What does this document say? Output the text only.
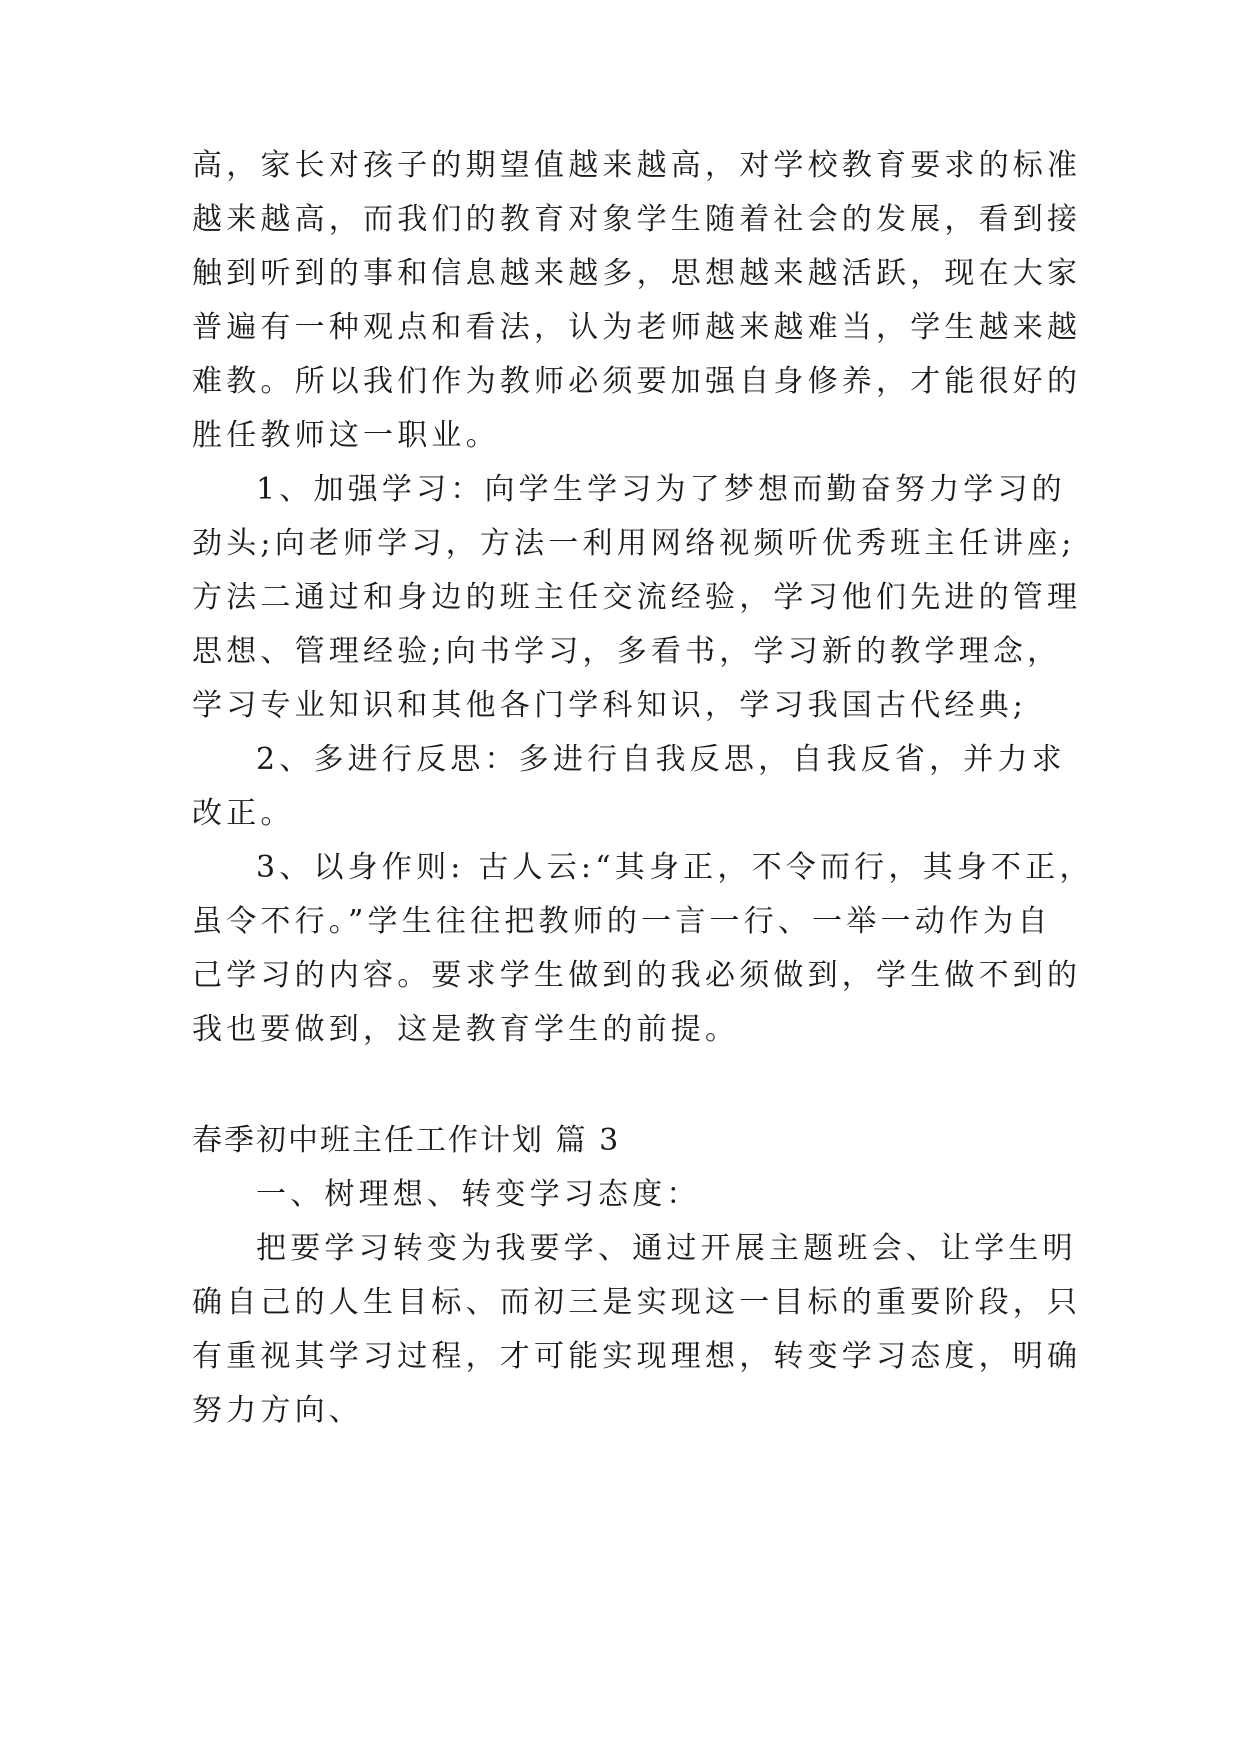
高，家长对孩子的期望值越来越高，对学校教育要求的标准
越来越高，而我们的教育对象学生随着社会的发展，看到接
触到听到的事和信息越来越多，思想越来越活跃，现在大家
普遍有一种观点和看法，认为老师越来越难当，学生越来越
难教。所以我们作为教师必须要加强自身修养，才能很好的
胜任教师这一职业。
1、加强学习：向学生学习为了梦想而勤奋努力学习的
劲头;向老师学习，方法一利用网络视频听优秀班主任讲座;
方法二通过和身边的班主任交流经验，学习他们先进的管理
思想、管理经验;向书学习，多看书，学习新的教学理念，
学习专业知识和其他各门学科知识，学习我国古代经典;
2、多进行反思：多进行自我反思，自我反省，并力求
改正。
3、以身作则: 古人云:“其身正，不令而行，其身不正，
虽令不行。”学生往往把教师的一言一行、一举一动作为自
己学习的内容。要求学生做到的我必须做到，学生做不到的
我也要做到，这是教育学生的前提。
春季初中班主任工作计划 篇 3
一、树理想、转变学习态度：
把要学习转变为我要学、通过开展主题班会、让学生明
确自己的人生目标、而初三是实现这一目标的重要阶段，只
有重视其学习过程，才可能实现理想，转变学习态度，明确
努力方向、
